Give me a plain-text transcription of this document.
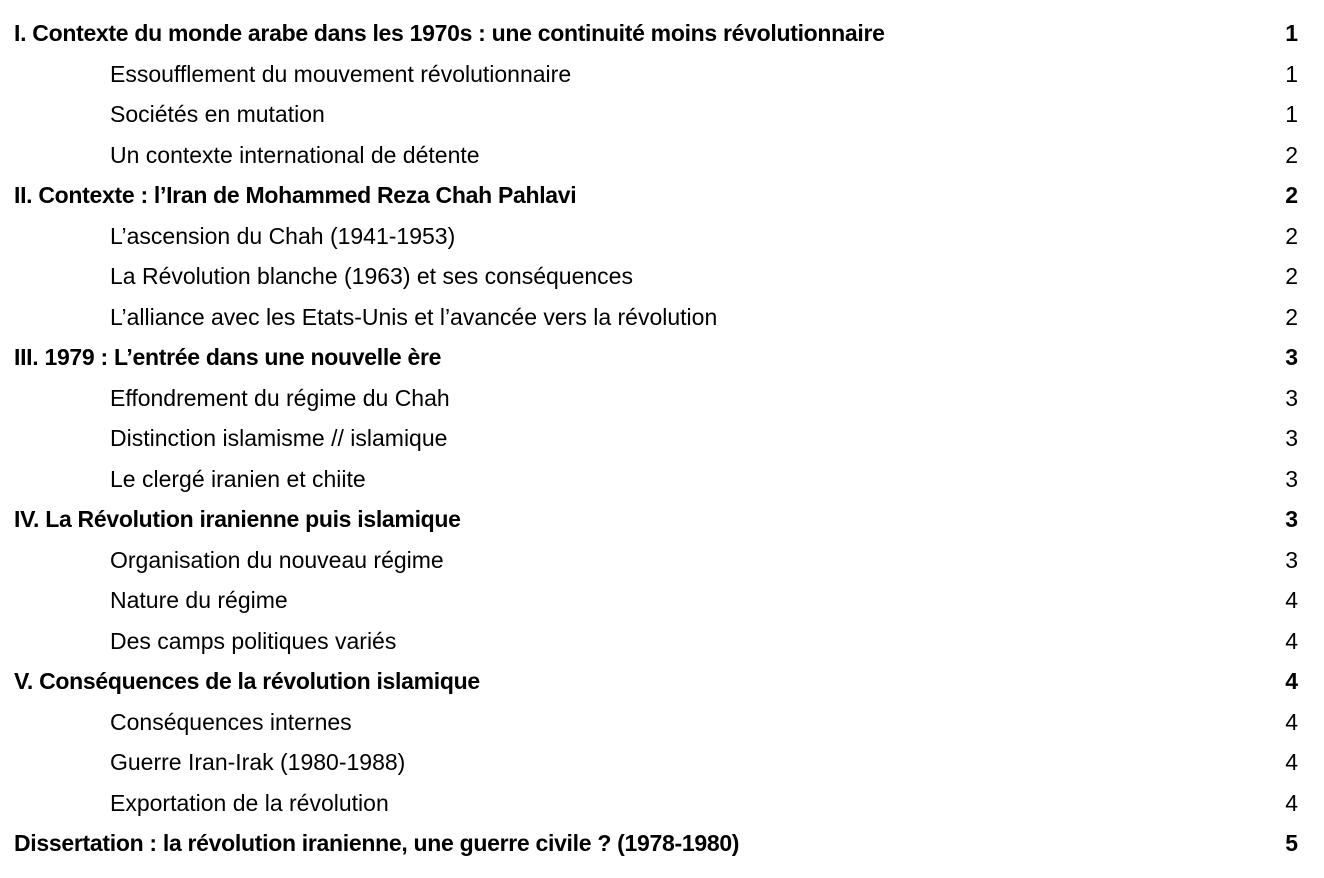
I. Contexte du monde arabe dans les 1970s : une continuité moins révolutionnaire	1
Essoufflement du mouvement révolutionnaire	1
Sociétés en mutation	1
Un contexte international de détente	2
II. Contexte : l’Iran de Mohammed Reza Chah Pahlavi	2
L’ascension du Chah (1941-1953)	2
La Révolution blanche (1963) et ses conséquences	2
L’alliance avec les Etats-Unis et l’avancée vers la révolution	2
III. 1979 : L’entrée dans une nouvelle ère	3
Effondrement du régime du Chah	3
Distinction islamisme // islamique	3
Le clergé iranien et chiite	3
IV. La Révolution iranienne puis islamique	3
Organisation du nouveau régime	3
Nature du régime	4
Des camps politiques variés	4
V. Conséquences de la révolution islamique	4
Conséquences internes	4
Guerre Iran-Irak (1980-1988)	4
Exportation de la révolution	4
Dissertation : la révolution iranienne, une guerre civile ? (1978-1980)	5
